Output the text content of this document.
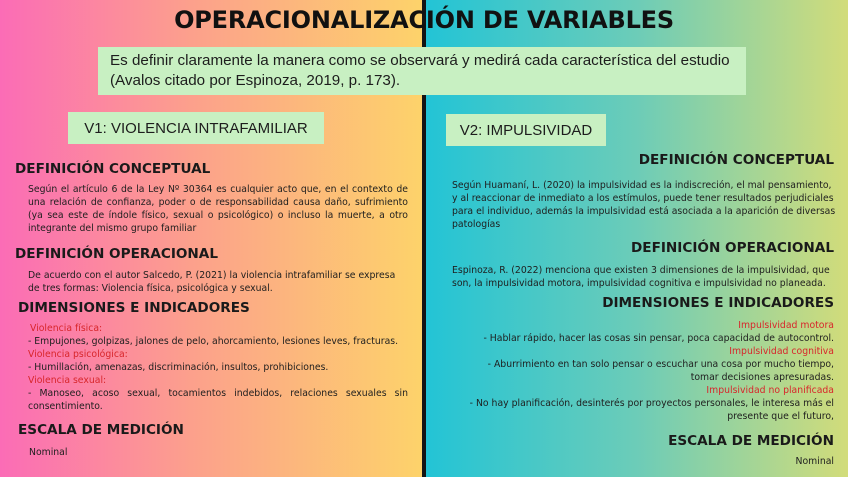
OPERACIONALIZACIÓN DE VARIABLES
Es definir claramente la manera como se observará y medirá cada característica del estudio (Avalos citado por Espinoza, 2019, p. 173).
V1: VIOLENCIA INTRAFAMILIAR
DEFINICIÓN CONCEPTUAL

Según el artículo 6 de la Ley Nº 30364 es cualquier acto que, en el contexto de una relación de confianza, poder o de responsabilidad causa daño, sufrimiento (ya sea este de índole físico, sexual o psicológico) o incluso la muerte, a otro integrante del mismo grupo familiar

DEFINICIÓN OPERACIONAL

De acuerdo con el autor Salcedo, P. (2021) la violencia intrafamiliar se expresa de tres formas: Violencia física, psicológica y sexual.

DIMENSIONES E INDICADORES
Violencia física:
- Empujones, golpizas, jalones de pelo, ahorcamiento, lesiones leves, fracturas.
Violencia psicológica:
- Humillación, amenazas, discriminación, insultos, prohibiciones.
Violencia sexual:
- Manoseo, acoso sexual, tocamientos indebidos, relaciones sexuales sin consentimiento.
ESCALA DE MEDICIÓN

Nominal

V2: IMPULSIVIDAD
DEFINICIÓN CONCEPTUAL

Según Huamaní, L. (2020) la impulsividad es la indiscreción, el mal pensamiento, y al reaccionar de inmediato a los estímulos, puede tener resultados perjudiciales para el individuo, además la impulsividad está asociada a la aparición de diversas patologías

DEFINICIÓN OPERACIONAL

Espinoza, R. (2022) menciona que existen 3 dimensiones de la impulsividad, que son, la impulsividad motora, impulsividad cognitiva e impulsividad no planeada.

DIMENSIONES E INDICADORES
Impulsividad motora
- Hablar rápido, hacer las cosas sin pensar, poca capacidad de autocontrol.
Impulsividad cognitiva
- Aburrimiento en tan solo pensar o escuchar una cosa por mucho tiempo, tomar decisiones apresuradas.
Impulsividad no planificada
- No hay planificación, desinterés por proyectos personales, le interesa más el presente que el futuro,
ESCALA DE MEDICIÓN

Nominal
